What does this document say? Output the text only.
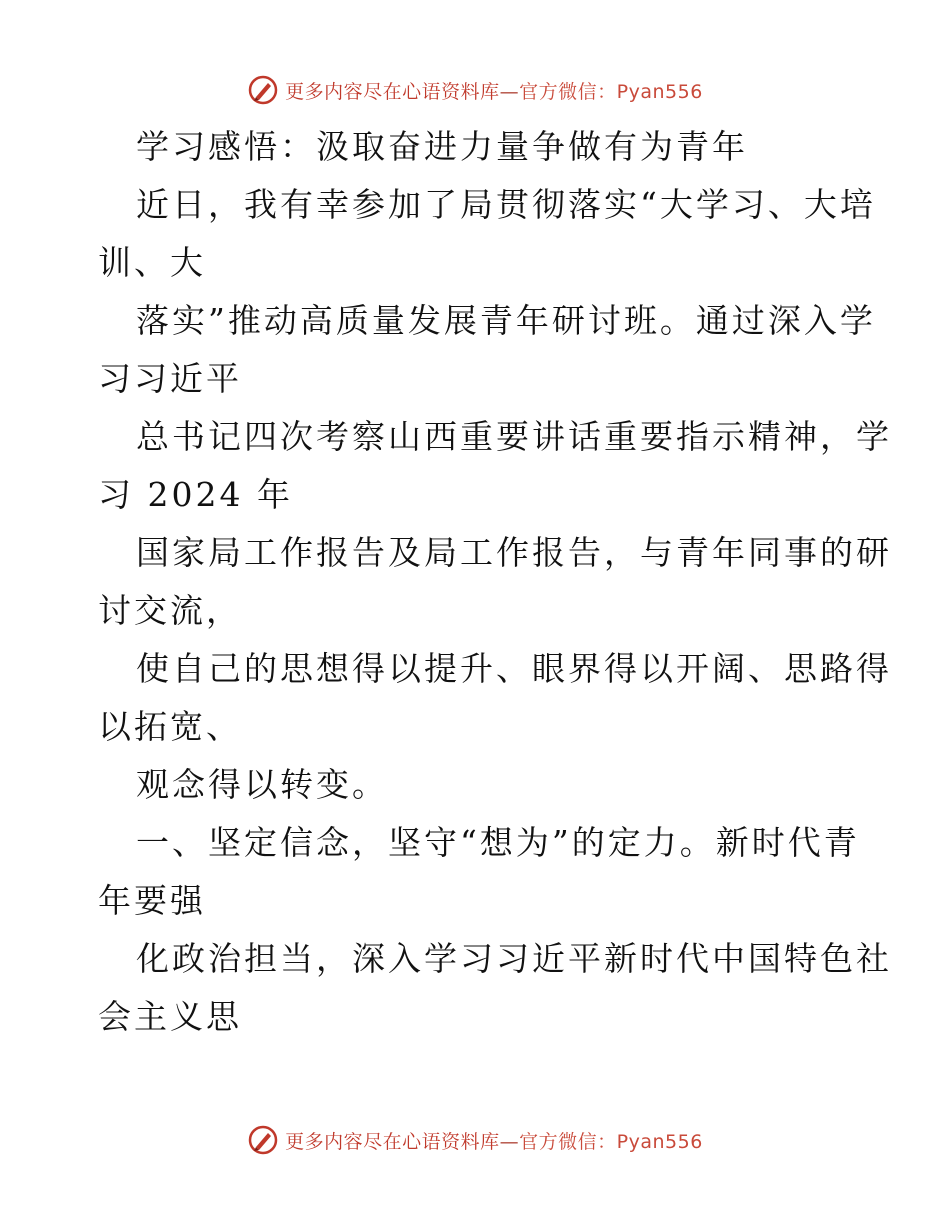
更多内容尽在心语资料库—官方微信：Pyan556
学习感悟：汲取奋进力量争做有为青年
近日，我有幸参加了局贯彻落实“大学习、大培
训、大
落实”推动高质量发展青年研讨班。通过深入学
习习近平
总书记四次考察山西重要讲话重要指示精神，学
习 2024 年
国家局工作报告及局工作报告，与青年同事的研
讨交流，
使自己的思想得以提升、眼界得以开阔、思路得
以拓宽、
观念得以转变。
一、坚定信念，坚守“想为”的定力。新时代青
年要强
化政治担当，深入学习习近平新时代中国特色社
会主义思
更多内容尽在心语资料库—官方微信：Pyan556
